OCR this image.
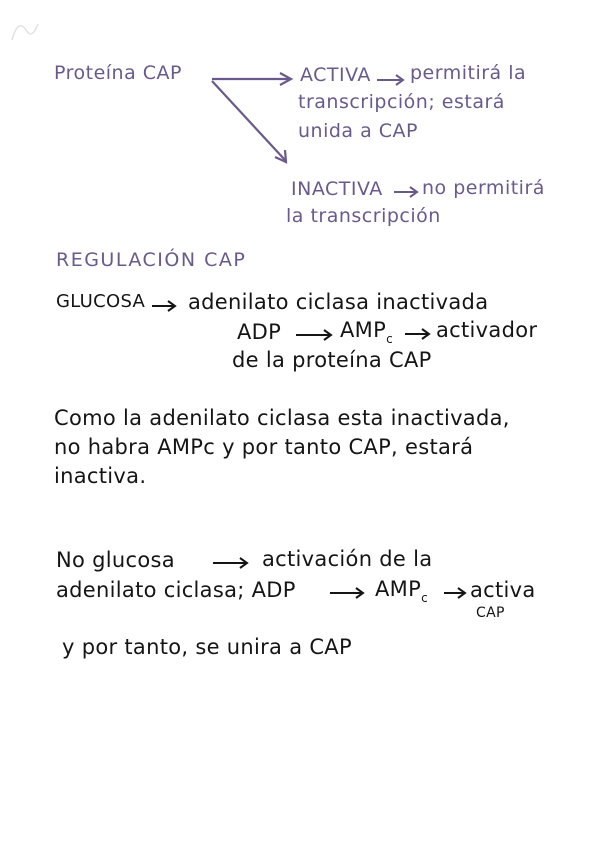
Proteína CAP	ACTIVA permitirá la
transcripción; estará
unida a CAP
INACTIVA no permitirá
la transcripción
REGULACIÓN CAP
GLUCOSA adenilato ciclasa inactivada
ADP	$AMP_c$ activador
de la proteína CAP
Como la adenilato ciclasa esta inactivada,
no habra AMPc y por tanto CAP, estará
inactiva.
No glucosa	activación de la
adenilato ciclasa; ADP	$AMP_c$ activa
CAP
y por tanto, se unira a CAP
